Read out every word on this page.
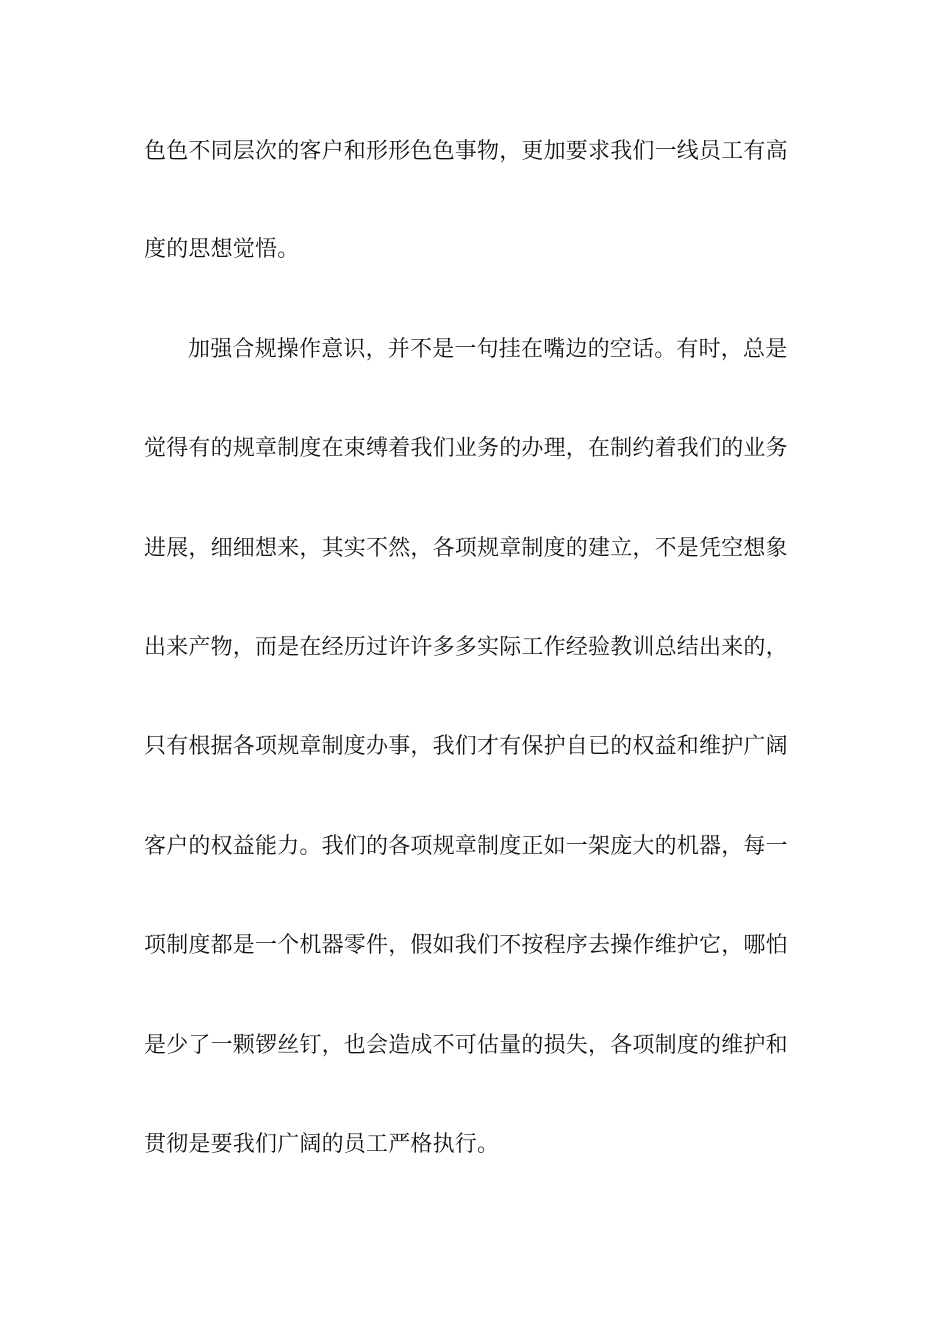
色色不同层次的客户和形形色色事物，更加要求我们一线员工有高
度的思想觉悟。
加强合规操作意识，并不是一句挂在嘴边的空话。有时，总是
觉得有的规章制度在束缚着我们业务的办理，在制约着我们的业务
进展，细细想来，其实不然，各项规章制度的建立，不是凭空想象
出来产物，而是在经历过许许多多实际工作经验教训总结出来的，
只有根据各项规章制度办事，我们才有保护自已的权益和维护广阔
客户的权益能力。我们的各项规章制度正如一架庞大的机器，每一
项制度都是一个机器零件，假如我们不按程序去操作维护它，哪怕
是少了一颗锣丝钉，也会造成不可估量的损失，各项制度的维护和
贯彻是要我们广阔的员工严格执行。
